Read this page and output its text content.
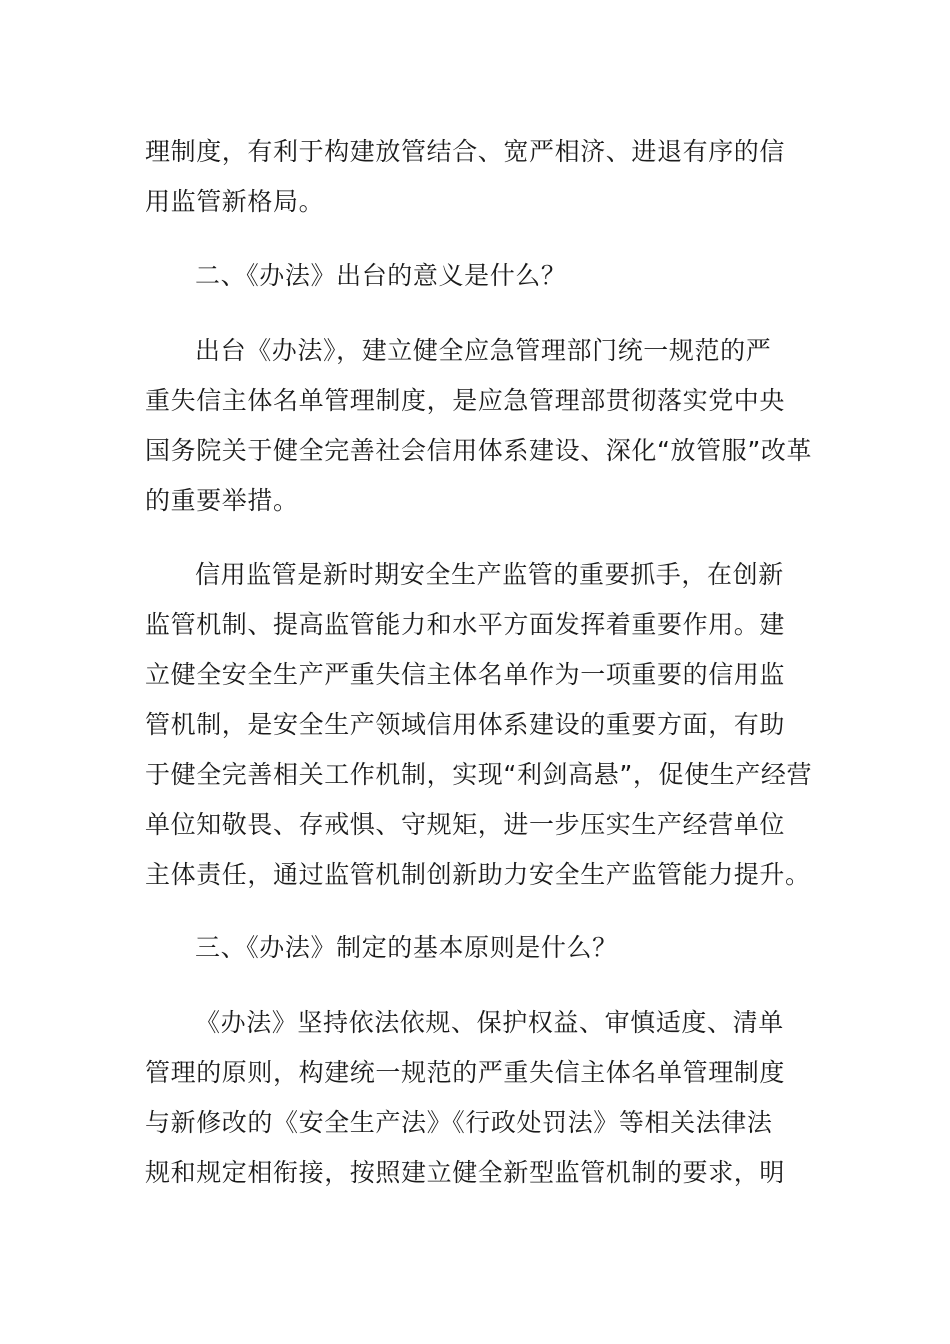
理制度，有利于构建放管结合、宽严相济、进退有序的信
用监管新格局。
二、《办法》出台的意义是什么？
出台《办法》，建立健全应急管理部门统一规范的严
重失信主体名单管理制度，是应急管理部贯彻落实党中央
国务院关于健全完善社会信用体系建设、深化“放管服”改革
的重要举措。
信用监管是新时期安全生产监管的重要抓手，在创新
监管机制、提高监管能力和水平方面发挥着重要作用。建
立健全安全生产严重失信主体名单作为一项重要的信用监
管机制，是安全生产领域信用体系建设的重要方面，有助
于健全完善相关工作机制，实现“利剑高悬”，促使生产经营
单位知敬畏、存戒惧、守规矩，进一步压实生产经营单位
主体责任，通过监管机制创新助力安全生产监管能力提升。
三、《办法》制定的基本原则是什么？
《办法》坚持依法依规、保护权益、审慎适度、清单
管理的原则，构建统一规范的严重失信主体名单管理制度
与新修改的《安全生产法》《行政处罚法》等相关法律法
规和规定相衔接，按照建立健全新型监管机制的要求，明
